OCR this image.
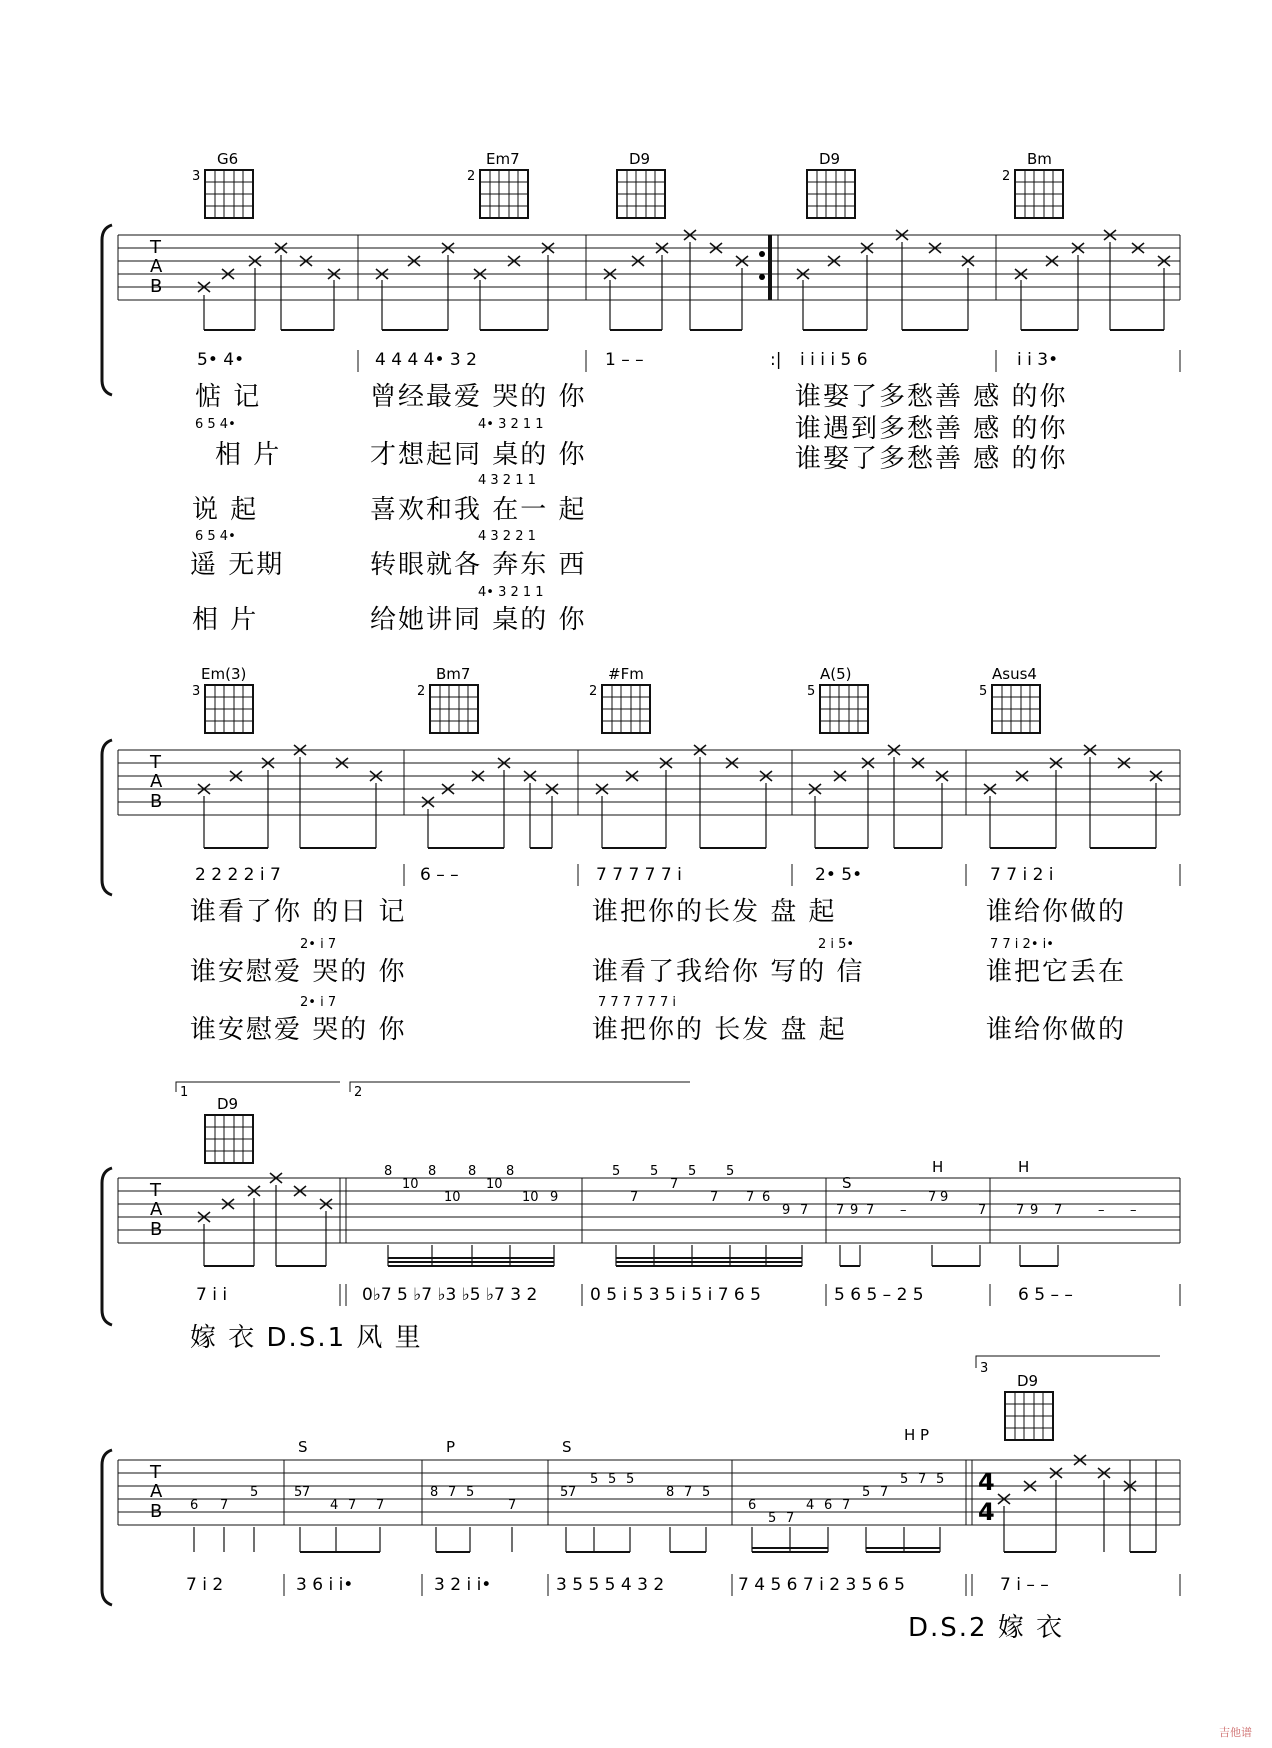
G6
3
Em7
2
D9	D9	Bm
2
T
A
B
5• 4•	4 4 4 4• 3 2	1 – –	:| i i i i 5 6	i i 3•
惦 记	曾经最爱 哭的 你	谁娶了多愁善 感 的你
6 5 4•	4• 3 2 1 1	谁遇到多愁善 感 的你
相 片	才想起同 桌的 你	谁娶了多愁善 感 的你
4 3 2 1 1
说 起	喜欢和我 在一 起
6 5 4•	4 3 2 2 1
遥 无期	转眼就各 奔东 西
4• 3 2 1 1
相 片	给她讲同 桌的 你
Em(3)
3
Bm7
2
#Fm
2
A(5)
5
Asus4
5
T
A
B
2 2 2 2 i 7	6 – –	7 7 7 7 7 i	2• 5•	7 7 i 2 i
谁看了你 的日 记	谁把你的长发 盘 起	谁给你做的
2• i 7	2 i 5•	7 7 i 2• i•
谁安慰爱 哭的 你	谁看了我给你 写的 信	谁把它丢在
2• i 7	7 7 7 7 7 7 i
谁安慰爱 哭的 你	谁把你的 长发 盘 起	谁给你做的
1	2
D9
T
A
B
8
10
8
10
8
10
8
10 9
5
7
5
7
5
7
5
7 6
9 7 7 9 7 –
7 9
7 7 9 7	– –
S
H	H
7 i i	0♭7 5 ♭7 ♭3 ♭5 ♭7 3 2	0 5 i 5 3 5 i 5 i 7 6 5	5 6 5 – 2 5	6 5 – –
嫁 衣 D.S.1 风 里
3
D9
T
A
B
4
4
6 7
5	5 7
4 7 7
8 7 5
7
5 7
5 5 5
8 7 5
6
5 7
4 6 7
5 7
5 7 5
S	P	S
H P
7 i 2	3 6 i i•	3 2 i i•	3 5 5 5 4 3 2	7 4 5 6 7 i 2 3 5 6 5	7 i – –
D.S.2 嫁 衣
吉他谱
